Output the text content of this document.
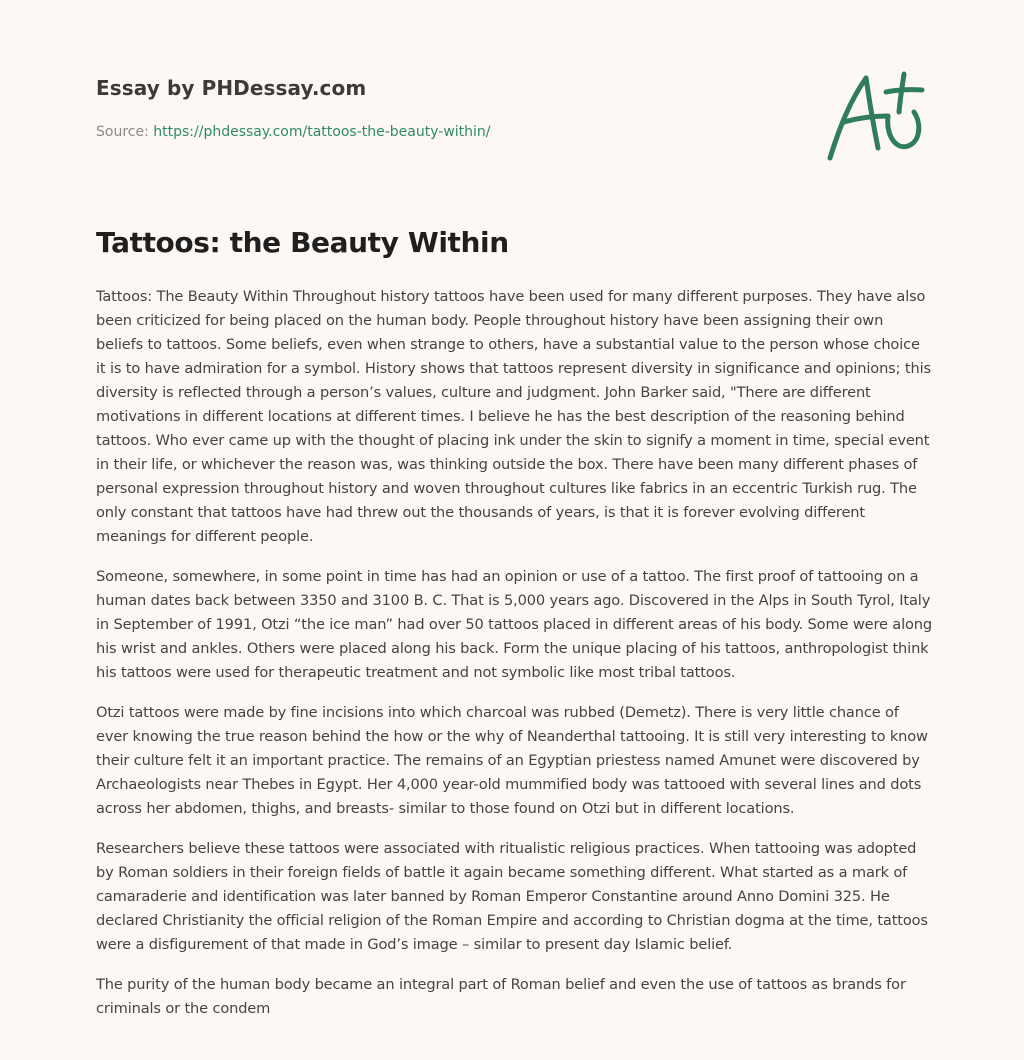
Essay by PHDessay.com
Source: https://phdessay.com/tattoos-the-beauty-within/
Tattoos: the Beauty Within

Tattoos: The Beauty Within Throughout history tattoos have been used for many different purposes. They have also been criticized for being placed on the human body. People throughout history have been assigning their own beliefs to tattoos. Some beliefs, even when strange to others, have a substantial value to the person whose choice it is to have admiration for a symbol. History shows that tattoos represent diversity in significance and opinions; this diversity is reflected through a person’s values, culture and judgment. John Barker said, "There are different motivations in different locations at different times. I believe he has the best description of the reasoning behind tattoos. Who ever came up with the thought of placing ink under the skin to signify a moment in time, special event in their life, or whichever the reason was, was thinking outside the box. There have been many different phases of personal expression throughout history and woven throughout cultures like fabrics in an eccentric Turkish rug. The only constant that tattoos have had threw out the thousands of years, is that it is forever evolving different meanings for different people.

Someone, somewhere, in some point in time has had an opinion or use of a tattoo. The first proof of tattooing on a human dates back between 3350 and 3100 B. C. That is 5,000 years ago. Discovered in the Alps in South Tyrol, Italy in September of 1991, Otzi “the ice man” had over 50 tattoos placed in different areas of his body. Some were along his wrist and ankles. Others were placed along his back. Form the unique placing of his tattoos, anthropologist think his tattoos were used for therapeutic treatment and not symbolic like most tribal tattoos.

Otzi tattoos were made by fine incisions into which charcoal was rubbed (Demetz). There is very little chance of ever knowing the true reason behind the how or the why of Neanderthal tattooing. It is still very interesting to know their culture felt it an important practice. The remains of an Egyptian priestess named Amunet were discovered by Archaeologists near Thebes in Egypt. Her 4,000 year-old mummified body was tattooed with several lines and dots across her abdomen, thighs, and breasts- similar to those found on Otzi but in different locations.

Researchers believe these tattoos were associated with ritualistic religious practices. When tattooing was adopted by Roman soldiers in their foreign fields of battle it again became something different. What started as a mark of camaraderie and identification was later banned by Roman Emperor Constantine around Anno Domini 325. He declared Christianity the official religion of the Roman Empire and according to Christian dogma at the time, tattoos were a disfigurement of that made in God’s image – similar to present day Islamic belief.

The purity of the human body became an integral part of Roman belief and even the use of tattoos as brands for criminals or the condem
